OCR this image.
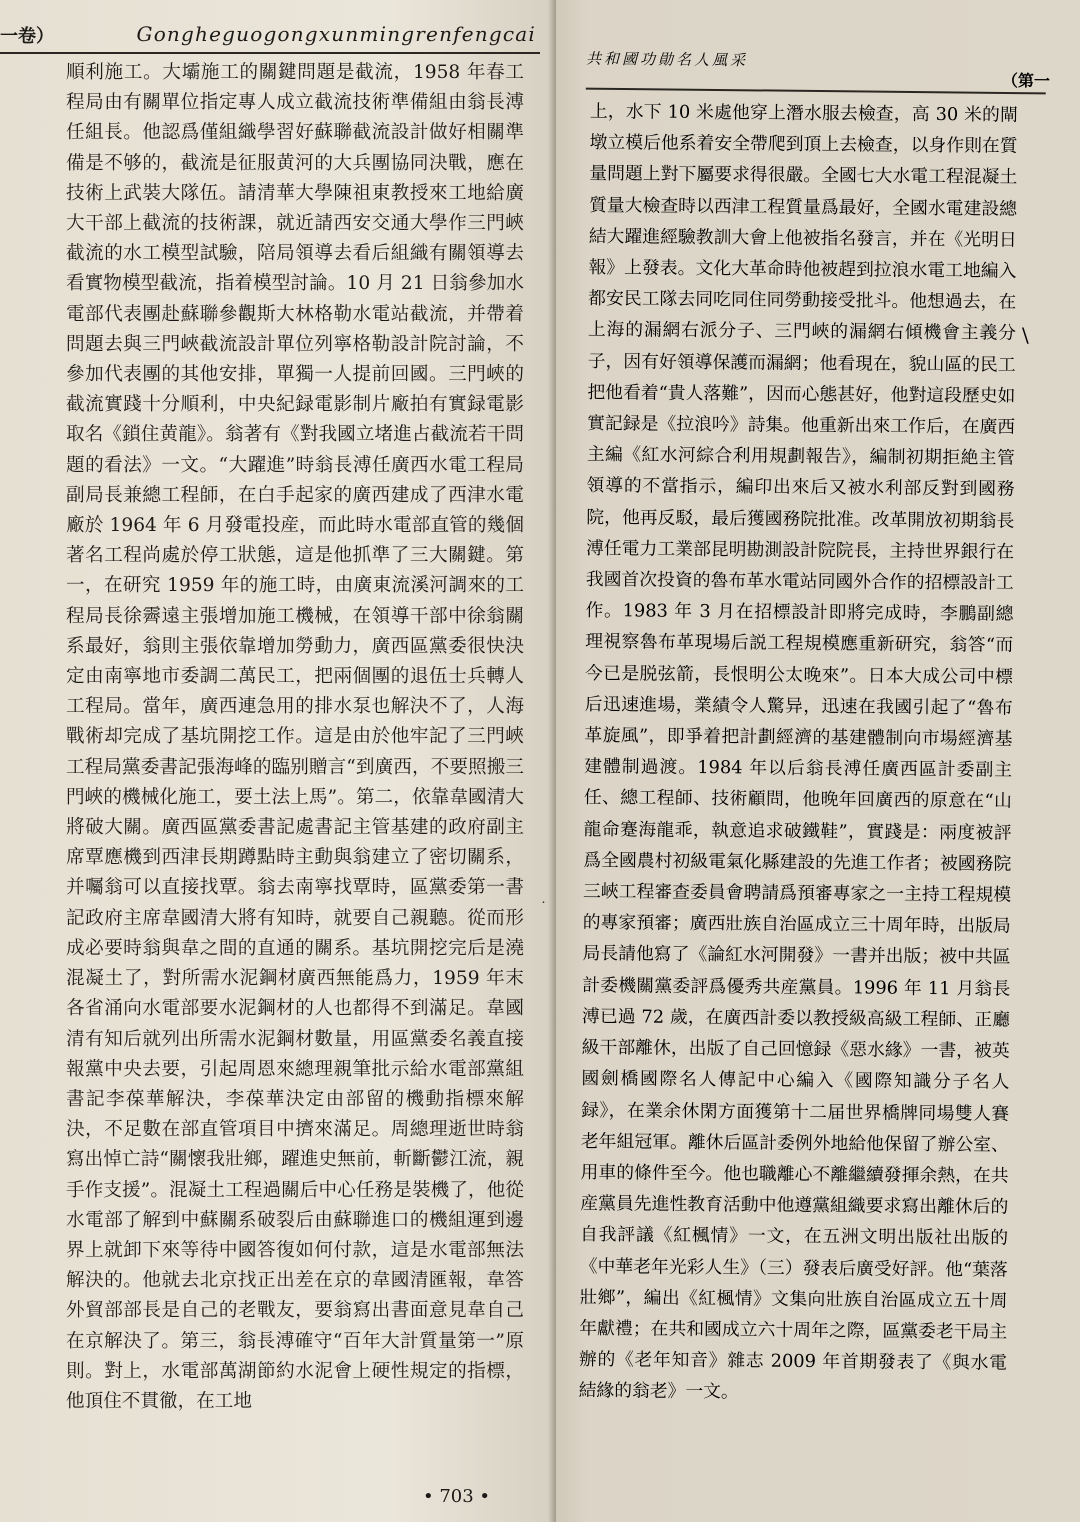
一卷）	Gongheguogongxunmingrenfengcai

順利施工。大壩施工的關鍵問題是截流，1958 年春工程局由有關單位指定專人成立截流技術準備組由翁長溥任組長。他認爲僅組織學習好蘇聯截流設計做好相關準備是不够的，截流是征服黄河的大兵團協同決戰，應在技術上武裝大隊伍。請清華大學陳祖東教授來工地給廣大干部上截流的技術課，就近請西安交通大學作三門峽截流的水工模型試驗，陪局領導去看后組織有關領導去看實物模型截流，指着模型討論。10 月 21 日翁參加水電部代表團赴蘇聯參觀斯大林格勒水電站截流，并帶着問題去與三門峽截流設計單位列寧格勒設計院討論，不參加代表團的其他安排，單獨一人提前回國。三門峽的截流實踐十分順利，中央紀録電影制片廠拍有實録電影取名《鎖住黄龍》。翁著有《對我國立堵進占截流若干問題的看法》一文。“大躍進”時翁長溥任廣西水電工程局副局長兼總工程師，在白手起家的廣西建成了西津水電廠於 1964 年 6 月發電投産，而此時水電部直管的幾個著名工程尚處於停工狀態，這是他抓準了三大關鍵。第一，在研究 1959 年的施工時，由廣東流溪河調來的工程局長徐霽遠主張增加施工機械，在領導干部中徐翁關系最好，翁則主張依靠增加勞動力，廣西區黨委很快決定由南寧地市委調二萬民工，把兩個團的退伍士兵轉人工程局。當年，廣西連急用的排水泵也解決不了，人海戰術却完成了基坑開挖工作。這是由於他牢記了三門峽工程局黨委書記張海峰的臨别贈言“到廣西，不要照搬三門峽的機械化施工，要土法上馬”。第二，依靠韋國清大將破大關。廣西區黨委書記處書記主管基建的政府副主席覃應機到西津長期蹲點時主動與翁建立了密切關系，并囑翁可以直接找覃。翁去南寧找覃時，區黨委第一書記政府主席韋國清大將有知時，就要自己親聽。從而形成必要時翁與韋之間的直通的關系。基坑開挖完后是澆混凝土了，對所需水泥鋼材廣西無能爲力，1959 年末各省涌向水電部要水泥鋼材的人也都得不到滿足。韋國清有知后就列出所需水泥鋼材數量，用區黨委名義直接報黨中央去要，引起周恩來總理親筆批示給水電部黨組書記李葆華解決，李葆華決定由部留的機動指標來解決，不足數在部直管項目中擠來滿足。周總理逝世時翁寫出悼亡詩“關懷我壯鄉，躍進史無前，斬斷鬱江流，親手作支援”。混凝土工程過關后中心任務是裝機了，他從水電部了解到中蘇關系破裂后由蘇聯進口的機組運到邊界上就卸下來等待中國答復如何付款，這是水電部無法解決的。他就去北京找正出差在京的韋國清匯報，韋答外貿部部長是自己的老戰友，要翁寫出書面意見韋自己在京解決了。第三，翁長溥確守“百年大計質量第一”原則。對上，水電部萬湖節約水泥會上硬性規定的指標，他頂住不貫徹，在工地

• 703 •
˙
共和國功勛名人風采
（第一

上，水下 10 米處他穿上潛水服去檢查，高 30 米的閘墩立模后他系着安全帶爬到頂上去檢查，以身作則在質量問題上對下屬要求得很嚴。全國七大水電工程混凝土質量大檢查時以西津工程質量爲最好，全國水電建設總結大躍進經驗教訓大會上他被指名發言，并在《光明日報》上發表。文化大革命時他被趕到拉浪水電工地編入都安民工隊去同吃同住同勞動接受批斗。他想過去，在上海的漏網右派分子、三門峽的漏網右傾機會主義分子，因有好領導保護而漏網；他看現在，貌山區的民工把他看着“貴人落難”，因而心態甚好，他對這段歷史如實記録是《拉浪吟》詩集。他重新出來工作后，在廣西主編《紅水河綜合利用規劃報告》，編制初期拒絶主管領導的不當指示，編印出來后又被水利部反對到國務院，他再反駁，最后獲國務院批准。改革開放初期翁長溥任電力工業部昆明勘測設計院院長，主持世界銀行在我國首次投資的魯布革水電站同國外合作的招標設計工作。1983 年 3 月在招標設計即將完成時，李鵬副總理視察魯布革現場后説工程規模應重新研究，翁答“而今已是脱弦箭，長恨明公太晚來”。日本大成公司中標后迅速進場，業績令人驚异，迅速在我國引起了“魯布革旋風”，即爭着把計劃經濟的基建體制向市場經濟基建體制過渡。1984 年以后翁長溥任廣西區計委副主任、總工程師、技術顧問，他晚年回廣西的原意在“山龍命蹇海龍乖，執意追求破鐵鞋”，實踐是：兩度被評爲全國農村初級電氣化縣建設的先進工作者；被國務院三峽工程審查委員會聘請爲預審專家之一主持工程規模的專家預審；廣西壯族自治區成立三十周年時，出版局局長請他寫了《論紅水河開發》一書并出版；被中共區計委機關黨委評爲優秀共産黨員。1996 年 11 月翁長溥已過 72 歲，在廣西計委以教授級高級工程師、正廳級干部離休，出版了自己回憶録《惡水緣》一書，被英國劍橋國際名人傳記中心編入《國際知識分子名人録》，在業余休閑方面獲第十二届世界橋牌同場雙人賽老年組冠軍。離休后區計委例外地給他保留了辦公室、用車的條件至今。他也職離心不離繼續發揮余熱，在共産黨員先進性教育活動中他遵黨組織要求寫出離休后的自我評議《紅楓情》一文，在五洲文明出版社出版的《中華老年光彩人生》（三）發表后廣受好評。他“葉落壯鄉”，編出《紅楓情》文集向壯族自治區成立五十周年獻禮；在共和國成立六十周年之際，區黨委老干局主辦的《老年知音》雜志 2009 年首期發表了《與水電結緣的翁老》一文。

\
